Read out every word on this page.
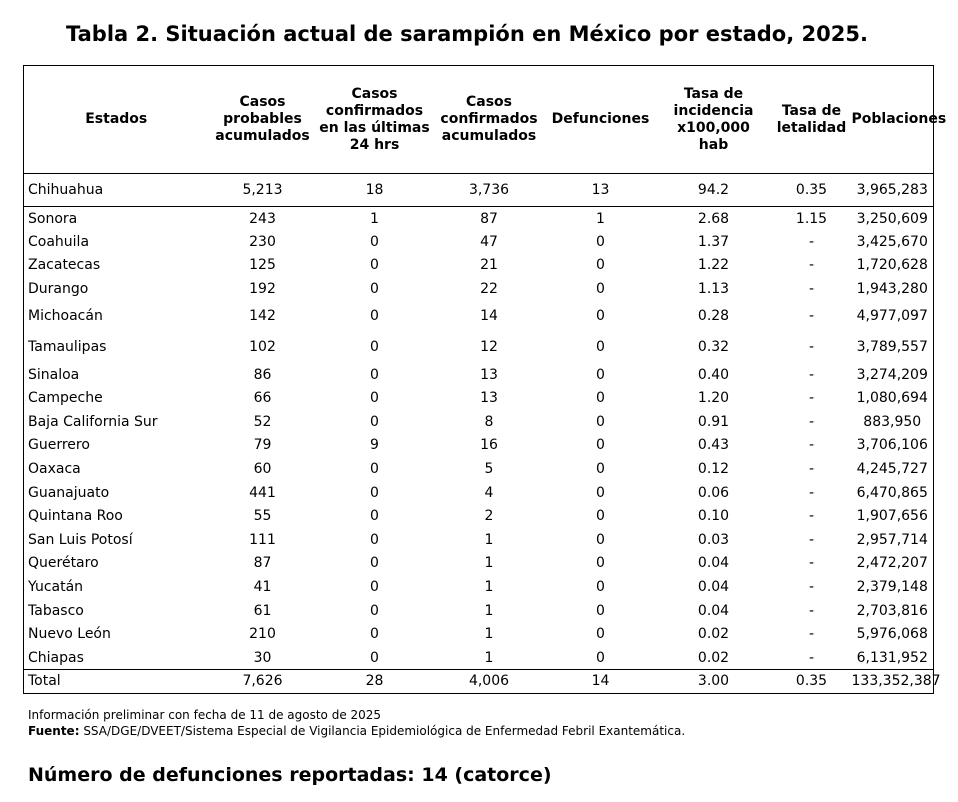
Tabla 2. Situación actual de sarampión en México por estado, 2025.
Estados	Casos
probables
acumulados	Casos
confirmados
en las últimas
24 hrs	Casos
confirmados
acumulados	Defunciones	Tasa de
incidencia
x100,000
hab	Tasa de
letalidad	Poblaciones
Chihuahua	5,213	18	3,736	13	94.2	0.35	3,965,283
Sonora	243	1	87	1	2.68	1.15	3,250,609
Coahuila	230	0	47	0	1.37	-	3,425,670
Zacatecas	125	0	21	0	1.22	-	1,720,628
Durango	192	0	22	0	1.13	-	1,943,280
Michoacán	142	0	14	0	0.28	-	4,977,097
Tamaulipas	102	0	12	0	0.32	-	3,789,557
Sinaloa	86	0	13	0	0.40	-	3,274,209
Campeche	66	0	13	0	1.20	-	1,080,694
Baja California Sur	52	0	8	0	0.91	-	883,950
Guerrero	79	9	16	0	0.43	-	3,706,106
Oaxaca	60	0	5	0	0.12	-	4,245,727
Guanajuato	441	0	4	0	0.06	-	6,470,865
Quintana Roo	55	0	2	0	0.10	-	1,907,656
San Luis Potosí	111	0	1	0	0.03	-	2,957,714
Querétaro	87	0	1	0	0.04	-	2,472,207
Yucatán	41	0	1	0	0.04	-	2,379,148
Tabasco	61	0	1	0	0.04	-	2,703,816
Nuevo León	210	0	1	0	0.02	-	5,976,068
Chiapas	30	0	1	0	0.02	-	6,131,952
Total	7,626	28	4,006	14	3.00	0.35	133,352,387
Información preliminar con fecha de 11 de agosto de 2025
Fuente: SSA/DGE/DVEET/Sistema Especial de Vigilancia Epidemiológica de Enfermedad Febril Exantemática.
Número de defunciones reportadas: 14 (catorce)
